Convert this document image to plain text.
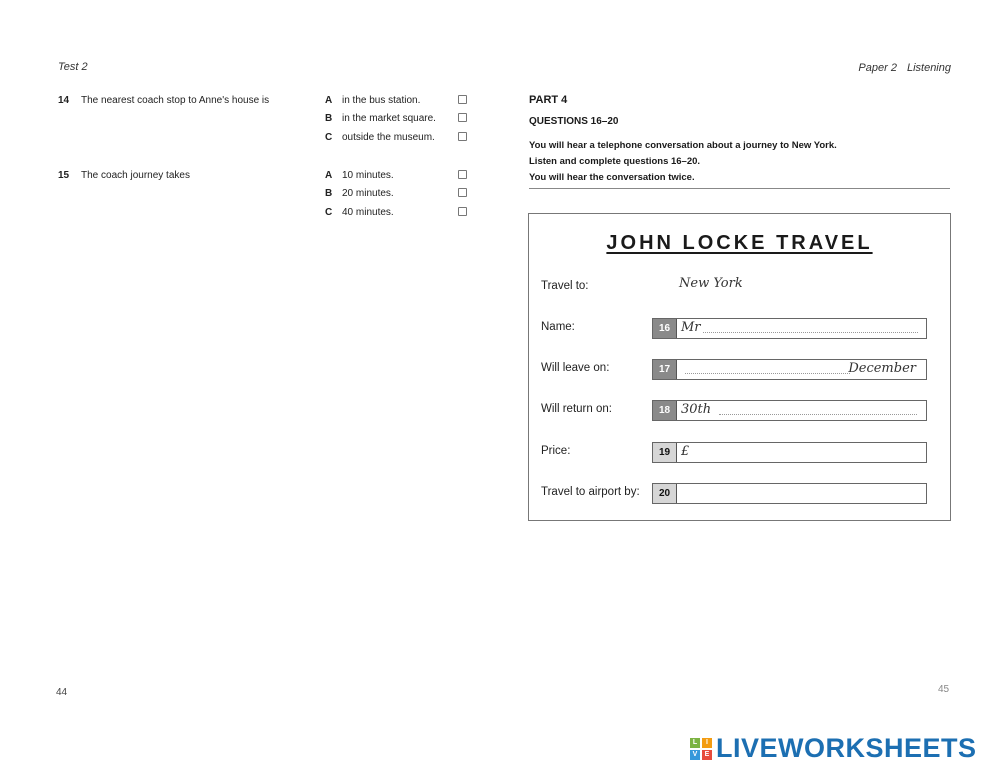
Test 2	Paper 2 Listening
14 The nearest coach stop to Anne's house is	A in the bus station.
B in the market square.
C outside the museum.
15 The coach journey takes	A 10 minutes.
B 20 minutes.
C 40 minutes.
PART 4
QUESTIONS 16–20
You will hear a telephone conversation about a journey to New York.
Listen and complete questions 16–20.
You will hear the conversation twice.
JOHN LOCKE TRAVEL
Travel to:	New York
Name:	16 Mr
Will leave on:	17	December
Will return on:	18 30th
Price:	19 £
Travel to airport by:	20
44	45
L	I
V	E LIVEWORKSHEETS
